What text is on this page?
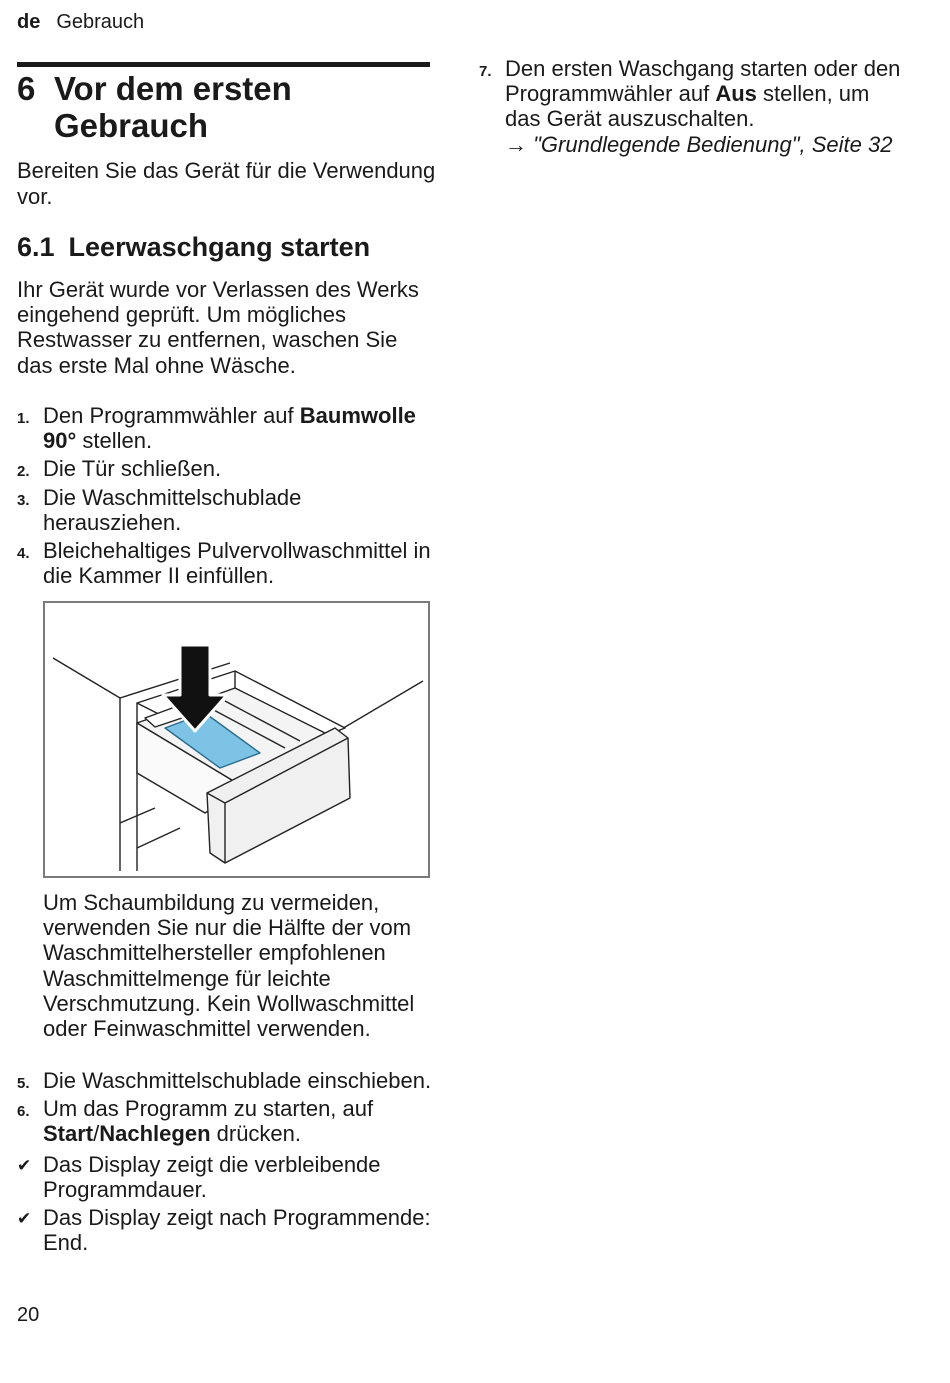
de Gebrauch
6 Vor dem ersten Gebrauch
Bereiten Sie das Gerät für die Verwendung vor.
6.1 Leerwaschgang starten
Ihr Gerät wurde vor Verlassen des Werks eingehend geprüft. Um mögliches Restwasser zu entfernen, waschen Sie das erste Mal ohne Wäsche.
1. Den Programmwähler auf Baumwolle 90° stellen.
2. Die Tür schließen.
3. Die Waschmittelschublade herausziehen.
4. Bleichehaltiges Pulvervollwaschmittel in die Kammer II einfüllen.
Um Schaumbildung zu vermeiden, verwenden Sie nur die Hälfte der vom Waschmittelhersteller empfohlenen Waschmittelmenge für leichte Verschmutzung. Kein Wollwaschmittel oder Feinwaschmittel verwenden.
5. Die Waschmittelschublade einschieben.
6. Um das Programm zu starten, auf Start/Nachlegen drücken.
✔ Das Display zeigt die verbleibende Programmdauer.
✔ Das Display zeigt nach Programmende: End.
7. Den ersten Waschgang starten oder den Programmwähler auf Aus stellen, um das Gerät auszuschalten.
→ "Grundlegende Bedienung", Seite 32
20
